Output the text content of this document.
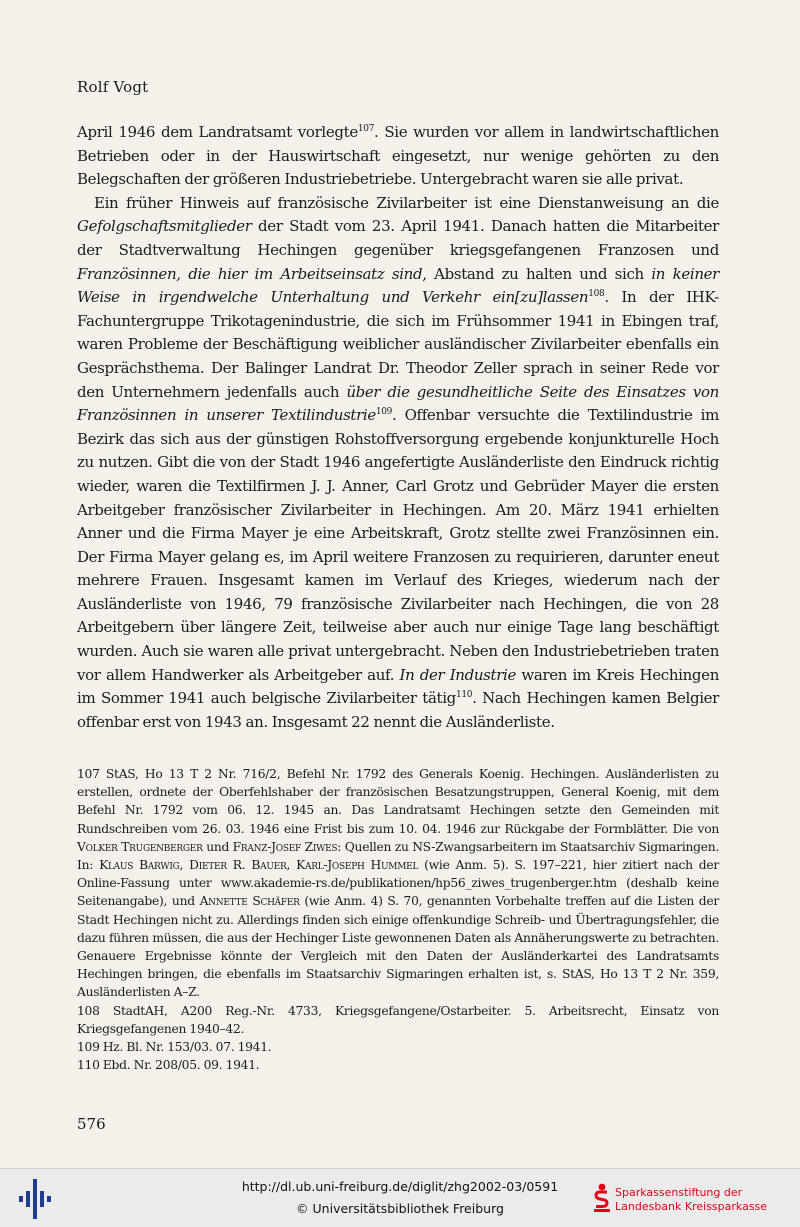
Rolf Vogt

April 1946 dem Landratsamt vorlegte$^{107}$. Sie wurden vor allem in landwirtschaftlichen Betrieben oder in der Hauswirtschaft eingesetzt, nur wenige gehörten zu den Belegschaften der größeren Industriebetriebe. Untergebracht waren sie alle privat.

Ein früher Hinweis auf französische Zivilarbeiter ist eine Dienstanweisung an die Gefolgschaftsmitglieder der Stadt vom 23. April 1941. Danach hatten die Mitarbeiter der Stadtverwaltung Hechingen gegenüber kriegsgefangenen Franzosen und Französinnen, die hier im Arbeitseinsatz sind, Abstand zu halten und sich in keiner Weise in irgendwelche Unterhaltung und Verkehr ein[zu]lassen$^{108}$. In der IHK-Fachuntergruppe Trikotagenindustrie, die sich im Frühsommer 1941 in Ebingen traf, waren Probleme der Beschäftigung weiblicher ausländischer Zivilarbeiter ebenfalls ein Gesprächsthema. Der Balinger Landrat Dr. Theodor Zeller sprach in seiner Rede vor den Unternehmern jedenfalls auch über die gesundheitliche Seite des Einsatzes von Französinnen in unserer Textilindustrie$^{109}$. Offenbar versuchte die Textilindustrie im Bezirk das sich aus der günstigen Rohstoffversorgung ergebende konjunkturelle Hoch zu nutzen. Gibt die von der Stadt 1946 angefertigte Ausländerliste den Eindruck richtig wieder, waren die Textilfirmen J. J. Anner, Carl Grotz und Gebrüder Mayer die ersten Arbeitgeber französischer Zivilarbeiter in Hechingen. Am 20. März 1941 erhielten Anner und die Firma Mayer je eine Arbeitskraft, Grotz stellte zwei Französinnen ein. Der Firma Mayer gelang es, im April weitere Franzosen zu requirieren, darunter eneut mehrere Frauen. Insgesamt kamen im Verlauf des Krieges, wiederum nach der Ausländerliste von 1946, 79 französische Zivilarbeiter nach Hechingen, die von 28 Arbeitgebern über längere Zeit, teilweise aber auch nur einige Tage lang beschäftigt wurden. Auch sie waren alle privat untergebracht. Neben den Industriebetrieben traten vor allem Handwerker als Arbeitgeber auf. In der Industrie waren im Kreis Hechingen im Sommer 1941 auch belgische Zivilarbeiter tätig$^{110}$. Nach Hechingen kamen Belgier offenbar erst von 1943 an. Insgesamt 22 nennt die Ausländerliste.

107 StAS, Ho 13 T 2 Nr. 716/2, Befehl Nr. 1792 des Generals Koenig. Hechingen. Ausländerlisten zu erstellen, ordnete der Oberfehlshaber der französischen Besatzungstruppen, General Koenig, mit dem Befehl Nr. 1792 vom 06. 12. 1945 an. Das Landratsamt Hechingen setzte den Gemeinden mit Rundschreiben vom 26. 03. 1946 eine Frist bis zum 10. 04. 1946 zur Rückgabe der Formblätter. Die von Volker Trugenberger und Franz-Josef Ziwes: Quellen zu NS-Zwangsarbeitern im Staatsarchiv Sigmaringen. In: Klaus Barwig, Dieter R. Bauer, Karl-Joseph Hummel (wie Anm. 5). S. 197–221, hier zitiert nach der Online-Fassung unter www.akademie-rs.de/publikationen/hp56_ziwes_trugenberger.htm (deshalb keine Seitenangabe), und Annette Schäfer (wie Anm. 4) S. 70, genannten Vorbehalte treffen auf die Listen der Stadt Hechingen nicht zu. Allerdings finden sich einige offenkundige Schreib- und Übertragungsfehler, die dazu führen müssen, die aus der Hechinger Liste gewonnenen Daten als Annäherungswerte zu betrachten. Genauere Ergebnisse könnte der Vergleich mit den Daten der Ausländerkartei des Landratsamts Hechingen bringen, die ebenfalls im Staatsarchiv Sigmaringen erhalten ist, s. StAS, Ho 13 T 2 Nr. 359, Ausländerlisten A–Z.

108 StadtAH, A200 Reg.-Nr. 4733, Kriegsgefangene/Ostarbeiter. 5. Arbeitsrecht, Einsatz von Kriegsgefangenen 1940–42.

109 Hz. Bl. Nr. 153/03. 07. 1941.

110 Ebd. Nr. 208/05. 09. 1941.

576
http://dl.ub.uni-freiburg.de/diglit/zhg2002-03/0591
© Universitätsbibliothek Freiburg
Sparkassenstiftung der
Landesbank Kreissparkasse
